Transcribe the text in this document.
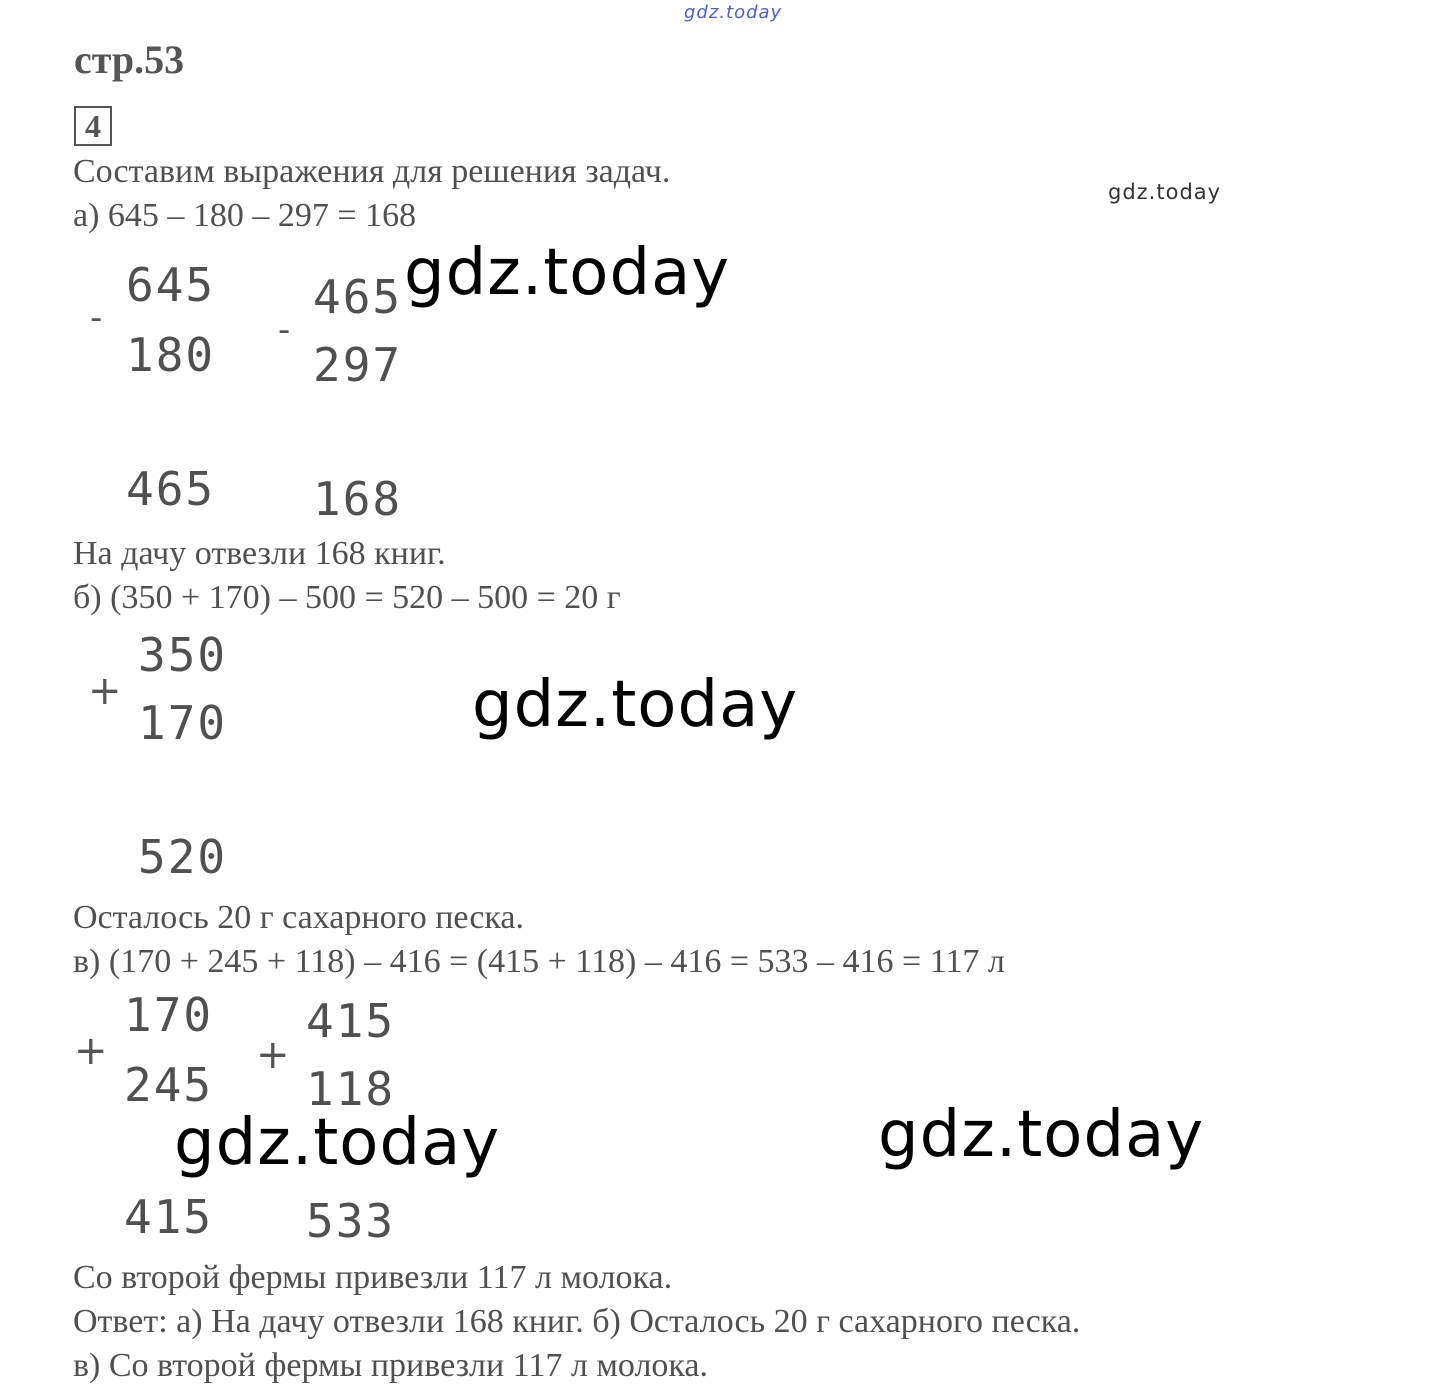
gdz.today
стр.53
4
Составим выражения для решения задач.
gdz.today
а) 645 – 180 – 297 = 168
-
645
180
465
-
465
297
168
gdz.today
На дачу отвезли 168 книг.
б) (350 + 170) – 500 = 520 – 500 = 20 г
+
350
170
520
gdz.today
Осталось 20 г сахарного песка.
в) (170 + 245 + 118) – 416 = (415 + 118) – 416 = 533 – 416 = 117 л
+
170
245
415
+
415
118
533
gdz.today	gdz.today
Со второй фермы привезли 117 л молока.
Ответ: а) На дачу отвезли 168 книг. б) Осталось 20 г сахарного песка.
в) Со второй фермы привезли 117 л молока.
